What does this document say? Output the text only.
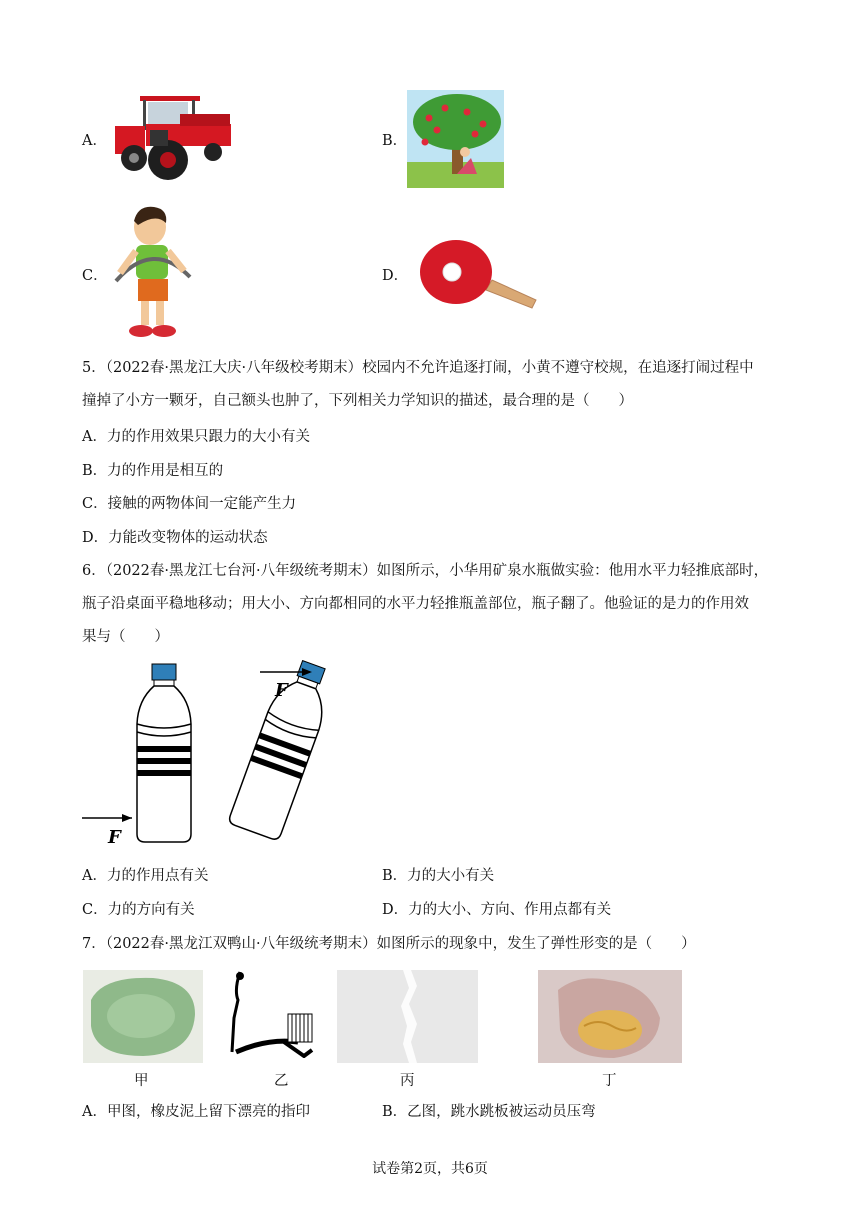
A．	B．
C．	D．
5．（2022春·黑龙江大庆·八年级校考期末）校园内不允许追逐打闹，小黄不遵守校规，在追逐打闹过程中
撞掉了小方一颗牙，自己额头也肿了，下列相关力学知识的描述，最合理的是（　　）
A．力的作用效果只跟力的大小有关
B．力的作用是相互的
C．接触的两物体间一定能产生力
D．力能改变物体的运动状态
6．（2022春·黑龙江七台河·八年级统考期末）如图所示，小华用矿泉水瓶做实验：他用水平力轻推底部时，
瓶子沿桌面平稳地移动；用大小、方向都相同的水平力轻推瓶盖部位，瓶子翻了。他验证的是力的作用效
果与（　　）
F
F
A．力的作用点有关	B．力的大小有关
C．力的方向有关	D．力的大小、方向、作用点都有关
7．（2022春·黑龙江双鸭山·八年级统考期末）如图所示的现象中，发生了弹性形变的是（　　）
甲	乙	丙	丁
A．甲图，橡皮泥上留下漂亮的指印	B．乙图，跳水跳板被运动员压弯
试卷第2页，共6页
